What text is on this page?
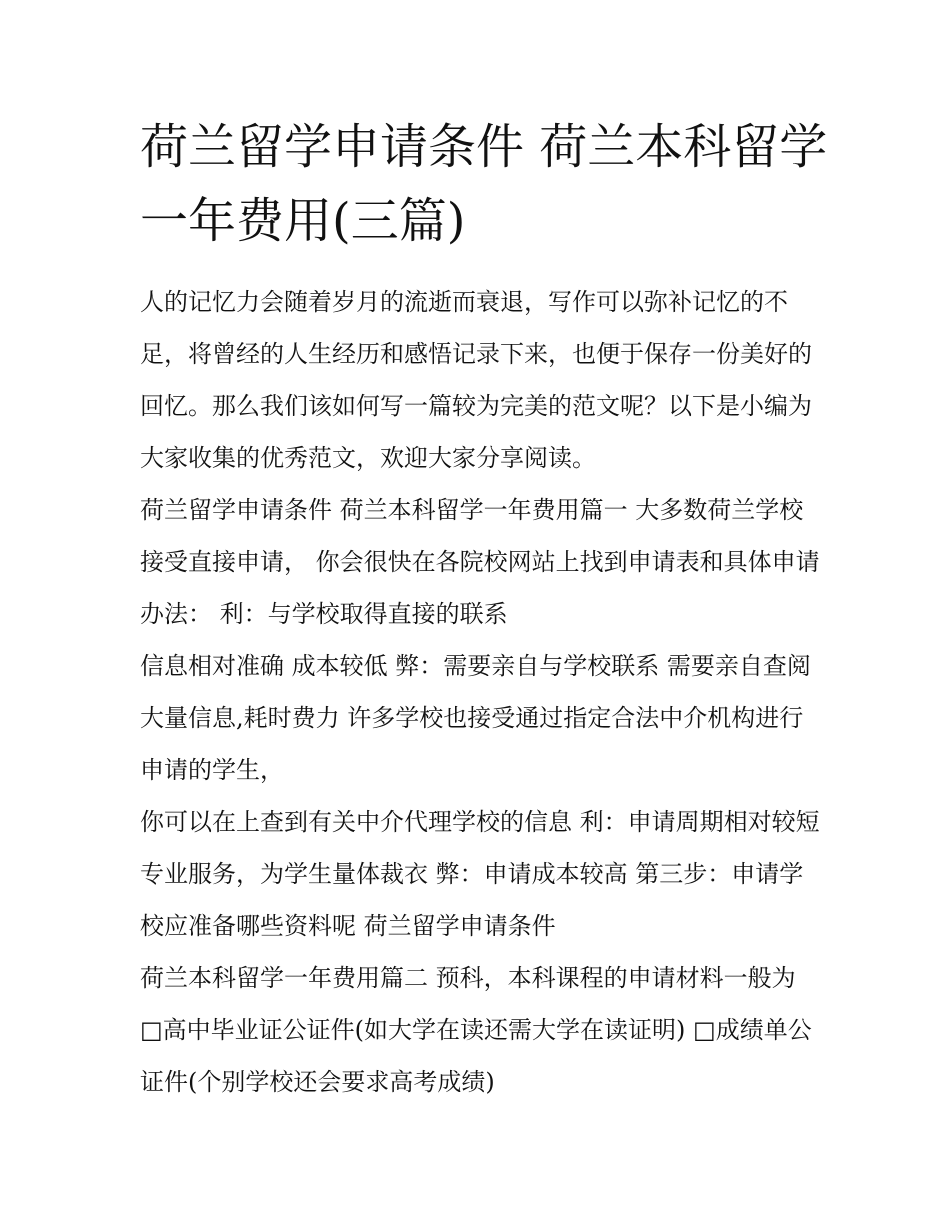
荷兰留学申请条件 荷兰本科留学一年费用(三篇)

人的记忆力会随着岁月的流逝而衰退，写作可以弥补记忆的不足，将曾经的人生经历和感悟记录下来，也便于保存一份美好的回忆。那么我们该如何写一篇较为完美的范文呢？以下是小编为大家收集的优秀范文，欢迎大家分享阅读。

荷兰留学申请条件 荷兰本科留学一年费用篇一 大多数荷兰学校接受直接申请， 你会很快在各院校网站上找到申请表和具体申请办法： 利：与学校取得直接的联系

信息相对准确 成本较低 弊：需要亲自与学校联系 需要亲自查阅大量信息,耗时费力 许多学校也接受通过指定合法中介机构进行申请的学生，

你可以在上查到有关中介代理学校的信息 利：申请周期相对较短 专业服务，为学生量体裁衣 弊：申请成本较高 第三步：申请学校应准备哪些资料呢 荷兰留学申请条件

荷兰本科留学一年费用篇二 预科，本科课程的申请材料一般为 □高中毕业证公证件(如大学在读还需大学在读证明) □成绩单公证件(个别学校还会要求高考成绩)
